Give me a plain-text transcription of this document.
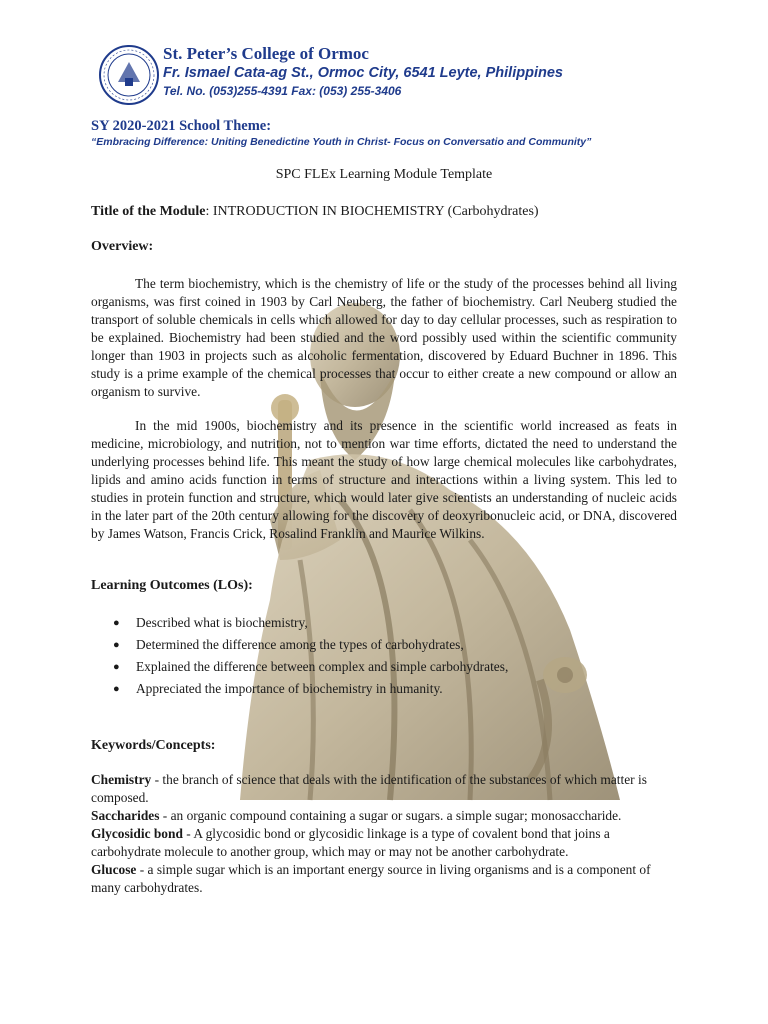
St. Peter’s College of Ormoc
Fr. Ismael Cata-ag St., Ormoc City, 6541 Leyte, Philippines
Tel. No. (053)255-4391 Fax: (053) 255-3406
SY 2020-2021 School Theme:
“Embracing Difference: Uniting Benedictine Youth in Christ- Focus on Conversatio and Community”
SPC FLEx Learning Module Template
Title of the Module: INTRODUCTION IN BIOCHEMISTRY (Carbohydrates)
Overview:

The term biochemistry, which is the chemistry of life or the study of the processes behind all living organisms, was first coined in 1903 by Carl Neuberg, the father of biochemistry. Carl Neuberg studied the transport of soluble chemicals in cells which allowed for day to day cellular processes, such as respiration to be explained. Biochemistry had been studied and the word possibly used within the scientific community longer than 1903 in projects such as alcoholic fermentation, discovered by Eduard Buchner in 1896. This study is a prime example of the chemical processes that occur to either create a new compound or allow an organism to survive.

In the mid 1900s, biochemistry and its presence in the scientific world increased as feats in medicine, microbiology, and nutrition, not to mention war time efforts, dictated the need to understand the underlying processes behind life. This meant the study of how large chemical molecules like carbohydrates, lipids and amino acids function in terms of structure and interactions within a living system. This led to studies in protein function and structure, which would later give scientists an understanding of nucleic acids in the later part of the 20th century allowing for the discovery of deoxyribonucleic acid, or DNA, discovered by James Watson, Francis Crick, Rosalind Franklin and Maurice Wilkins.

Learning Outcomes (LOs):
● Described what is biochemistry,
● Determined the difference among the types of carbohydrates,
● Explained the difference between complex and simple carbohydrates,
● Appreciated the importance of biochemistry in humanity.
Keywords/Concepts:

Chemistry - the branch of science that deals with the identification of the substances of which matter is composed.

Saccharides - an organic compound containing a sugar or sugars. a simple sugar; monosaccharide.

Glycosidic bond - A glycosidic bond or glycosidic linkage is a type of covalent bond that joins a carbohydrate molecule to another group, which may or may not be another carbohydrate.

Glucose - a simple sugar which is an important energy source in living organisms and is a component of many carbohydrates.
